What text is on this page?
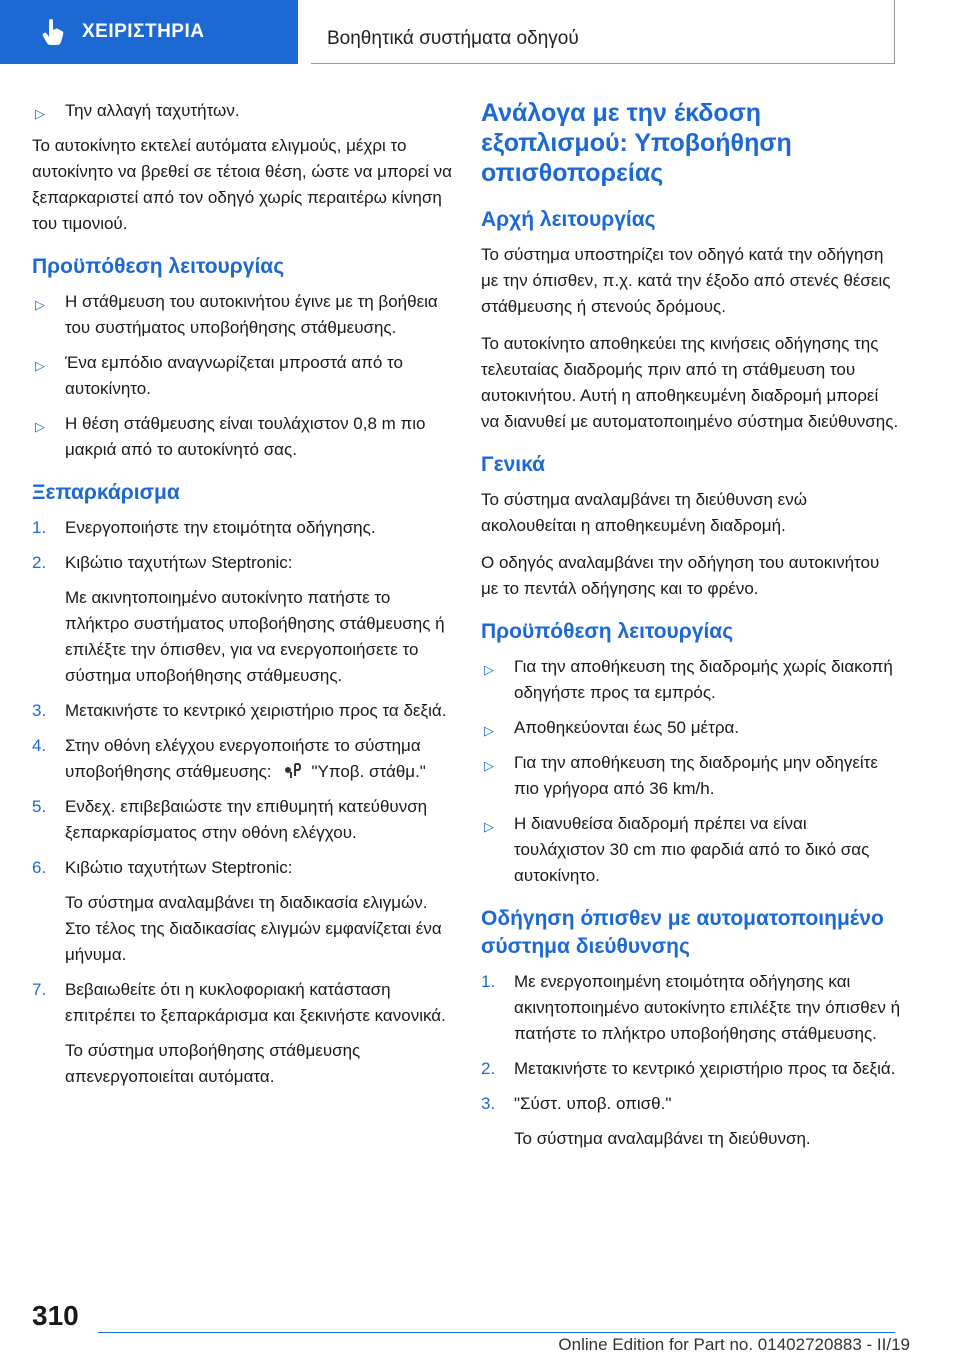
ΧΕΙΡΙΣΤΗΡΙΑ	Βοηθητικά συστήματα οδηγού

▷ Την αλλαγή ταχυτήτων.

Το αυτοκίνητο εκτελεί αυτόματα ελιγμούς, μέχρι το αυτοκίνητο να βρεθεί σε τέτοια θέση, ώστε να μπορεί να ξεπαρκαριστεί από τον οδηγό χωρίς περαιτέρω κίνηση του τιμονιού.

Προϋπόθεση λειτουργίας

▷ Η στάθμευση του αυτοκινήτου έγινε με τη βοήθεια του συστήματος υποβοήθησης στάθμευσης.

▷ Ένα εμπόδιο αναγνωρίζεται μπροστά από το αυτοκίνητο.

▷ Η θέση στάθμευσης είναι τουλάχιστον 0,8 m πιο μακριά από το αυτοκίνητό σας.

Ξεπαρκάρισμα

1. Ενεργοποιήστε την ετοιμότητα οδήγησης.

2. Κιβώτιο ταχυτήτων Steptronic:

Με ακινητοποιημένο αυτοκίνητο πατήστε το πλήκτρο συστήματος υποβοήθησης στάθμευσης ή επιλέξτε την όπισθεν, για να ενεργοποιήσετε το σύστημα υποβοήθησης στάθμευσης.

3. Μετακινήστε το κεντρικό χειριστήριο προς τα δεξιά.

4. Στην οθόνη ελέγχου ενεργοποιήστε το σύστημα υποβοήθησης στάθμευσης: "Υποβ. στάθμ."

5. Ενδεχ. επιβεβαιώστε την επιθυμητή κατεύθυνση ξεπαρκαρίσματος στην οθόνη ελέγχου.

6. Κιβώτιο ταχυτήτων Steptronic:

Το σύστημα αναλαμβάνει τη διαδικασία ελιγμών. Στο τέλος της διαδικασίας ελιγμών εμφανίζεται ένα μήνυμα.

7. Βεβαιωθείτε ότι η κυκλοφοριακή κατάσταση επιτρέπει το ξεπαρκάρισμα και ξεκινήστε κανονικά.

Το σύστημα υποβοήθησης στάθμευσης απενεργοποιείται αυτόματα.

Ανάλογα με την έκδοση εξοπλισμού: Υποβοήθηση οπισθοπορείας
Αρχή λειτουργίας

Το σύστημα υποστηρίζει τον οδηγό κατά την οδήγηση με την όπισθεν, π.χ. κατά την έξοδο από στενές θέσεις στάθμευσης ή στενούς δρόμους.

Το αυτοκίνητο αποθηκεύει της κινήσεις οδήγησης της τελευταίας διαδρομής πριν από τη στάθμευση του αυτοκινήτου. Αυτή η αποθηκευμένη διαδρομή μπορεί να διανυθεί με αυτοματοποιημένο σύστημα διεύθυνσης.

Γενικά

Το σύστημα αναλαμβάνει τη διεύθυνση ενώ ακολουθείται η αποθηκευμένη διαδρομή.

Ο οδηγός αναλαμβάνει την οδήγηση του αυτοκινήτου με το πεντάλ οδήγησης και το φρένο.

Προϋπόθεση λειτουργίας

▷ Για την αποθήκευση της διαδρομής χωρίς διακοπή οδηγήστε προς τα εμπρός.

▷ Αποθηκεύονται έως 50 μέτρα.

▷ Για την αποθήκευση της διαδρομής μην οδηγείτε πιο γρήγορα από 36 km/h.

▷ Η διανυθείσα διαδρομή πρέπει να είναι τουλάχιστον 30 cm πιο φαρδιά από το δικό σας αυτοκίνητο.

Οδήγηση όπισθεν με αυτοματοποιημένο σύστημα διεύθυνσης

1. Με ενεργοποιημένη ετοιμότητα οδήγησης και ακινητοποιημένο αυτοκίνητο επιλέξτε την όπισθεν ή πατήστε το πλήκτρο υποβοήθησης στάθμευσης.

2. Μετακινήστε το κεντρικό χειριστήριο προς τα δεξιά.

3. "Σύστ. υποβ. οπισθ."

Το σύστημα αναλαμβάνει τη διεύθυνση.

310
Online Edition for Part no. 01402720883 - II/19
